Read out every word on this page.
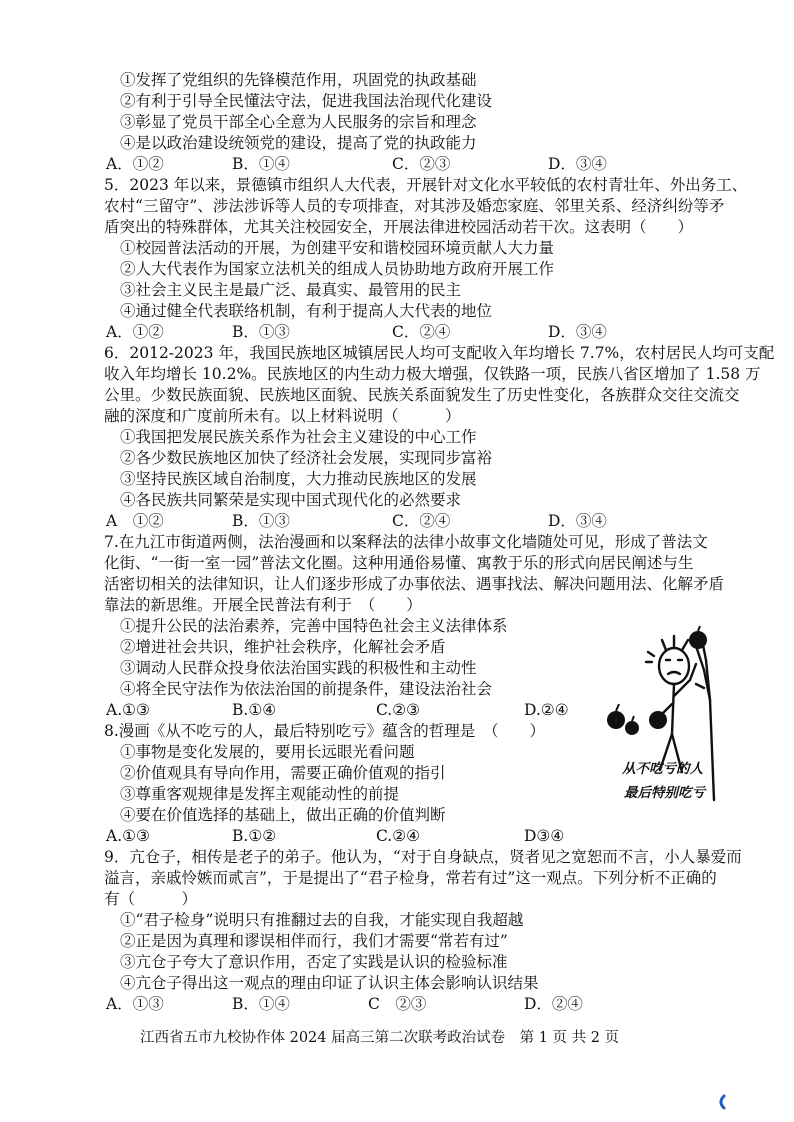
①发挥了党组织的先锋模范作用，巩固党的执政基础
②有利于引导全民懂法守法，促进我国法治现代化建设
③彰显了党员干部全心全意为人民服务的宗旨和理念
④是以政治建设统领党的建设，提高了党的执政能力
A．①②	B．①④	C．②③	D．③④
5．2023 年以来，景德镇市组织人大代表，开展针对文化水平较低的农村青壮年、外出务工、
农村“三留守”、涉法涉诉等人员的专项排查，对其涉及婚恋家庭、邻里关系、经济纠纷等矛
盾突出的特殊群体，尤其关注校园安全，开展法律进校园活动若干次。这表明（　　）
①校园普法活动的开展，为创建平安和谐校园环境贡献人大力量
②人大代表作为国家立法机关的组成人员协助地方政府开展工作
③社会主义民主是最广泛、最真实、最管用的民主
④通过健全代表联络机制，有利于提高人大代表的地位
A．①②	B．①③	C．②④	D．③④
6．2012-2023 年，我国民族地区城镇居民人均可支配收入年均增长 7.7%，农村居民人均可支配
收入年均增长 10.2%。民族地区的内生动力极大增强，仅铁路一项，民族八省区增加了 1.58 万
公里。少数民族面貌、民族地区面貌、民族关系面貌发生了历史性变化，各族群众交往交流交
融的深度和广度前所未有。以上材料说明（　　　）
①我国把发展民族关系作为社会主义建设的中心工作
②各少数民族地区加快了经济社会发展，实现同步富裕
③坚持民族区域自治制度，大力推动民族地区的发展
④各民族共同繁荣是实现中国式现代化的必然要求
A　①②	B．①③	C．②④	D．③④
7.在九江市街道两侧，法治漫画和以案释法的法律小故事文化墙随处可见，形成了普法文
化街、“一街一室一园”普法文化圈。这种用通俗易懂、寓教于乐的形式向居民阐述与生
活密切相关的法律知识，让人们逐步形成了办事依法、遇事找法、解决问题用法、化解矛盾
靠法的新思维。开展全民普法有利于　（　　）
①提升公民的法治素养，完善中国特色社会主义法律体系
②增进社会共识，维护社会秩序，化解社会矛盾
③调动人民群众投身依法治国实践的积极性和主动性
④将全民守法作为依法治国的前提条件，建设法治社会
A.①③	B.①④	C.②③	D.②④
8.漫画《从不吃亏的人，最后特别吃亏》蕴含的哲理是　（　　）
①事物是变化发展的，要用长远眼光看问题
②价值观具有导向作用，需要正确价值观的指引
③尊重客观规律是发挥主观能动性的前提
④要在价值选择的基础上，做出正确的价值判断
A.①③	B.①②	C.②④	D③④
从不吃亏的人
最后特别吃亏
9．亢仓子，相传是老子的弟子。他认为，“对于自身缺点，贤者见之宽恕而不言，小人暴爱而
溢言，亲戚怜嫉而贰言”，于是提出了“君子检身，常若有过”这一观点。下列分析不正确的
有（　　　）
①“君子检身”说明只有推翻过去的自我，才能实现自我超越
②正是因为真理和谬误相伴而行，我们才需要“常若有过”
③亢仓子夸大了意识作用，否定了实践是认识的检验标准
④亢仓子得出这一观点的理由印证了认识主体会影响认识结果
A．①③	B．①④	C　②③	D．②④
江西省五市九校协作体 2024 届高三第二次联考政治试卷　第 1 页 共 2 页
